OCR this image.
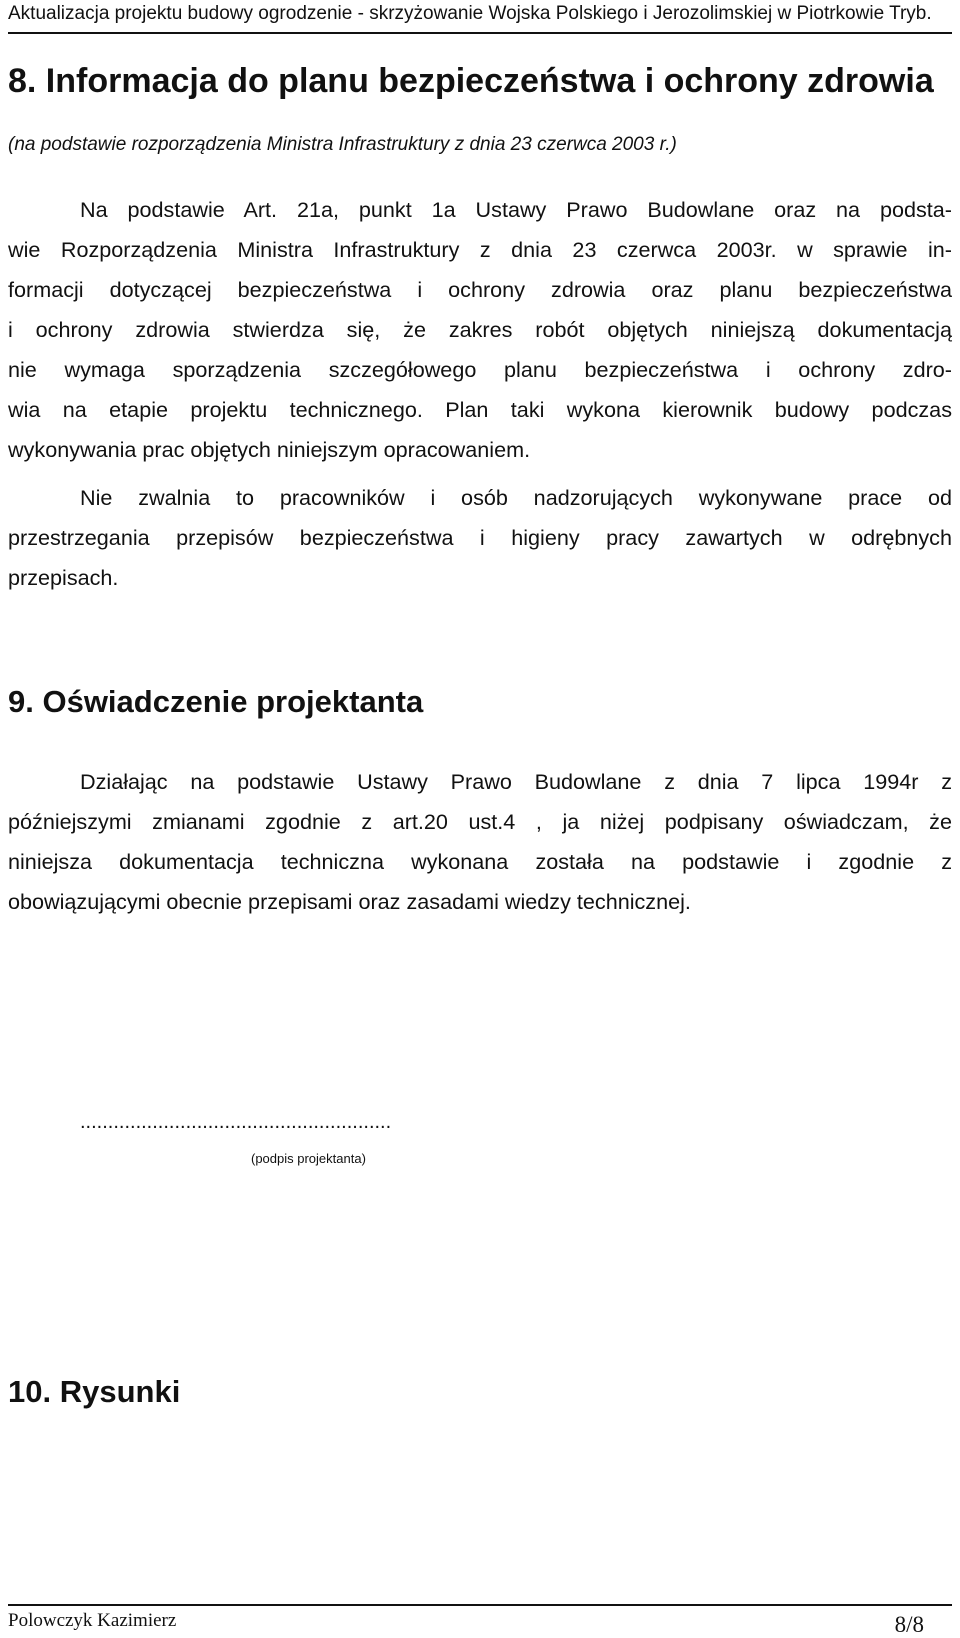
Aktualizacja projektu budowy ogrodzenie - skrzyżowanie Wojska Polskiego i Jerozolimskiej w Piotrkowie Tryb.
8. Informacja do planu bezpieczeństwa i ochrony zdrowia
(na podstawie rozporządzenia Ministra Infrastruktury z dnia 23 czerwca 2003 r.)
Na podstawie Art. 21a, punkt 1a Ustawy Prawo Budowlane oraz na podsta-
wie Rozporządzenia Ministra Infrastruktury z dnia 23 czerwca 2003r. w sprawie in-
formacji dotyczącej bezpieczeństwa i ochrony zdrowia oraz planu bezpieczeństwa
i ochrony zdrowia stwierdza się, że zakres robót objętych niniejszą dokumentacją
nie wymaga sporządzenia szczegółowego planu bezpieczeństwa i ochrony zdro-
wia na etapie projektu technicznego. Plan taki wykona kierownik budowy podczas
wykonywania prac objętych niniejszym opracowaniem.
Nie zwalnia to pracowników i osób nadzorujących wykonywane prace od
przestrzegania przepisów bezpieczeństwa i higieny pracy zawartych w odrębnych
przepisach.
9. Oświadczenie projektanta
Działając na podstawie Ustawy Prawo Budowlane z dnia 7 lipca 1994r z
późniejszymi zmianami zgodnie z art.20 ust.4 , ja niżej podpisany oświadczam, że
niniejsza dokumentacja techniczna wykonana została na podstawie i zgodnie z
obowiązującymi obecnie przepisami oraz zasadami wiedzy technicznej.
........................................................
(podpis projektanta)
10. Rysunki
Polowczyk Kazimierz	8/8
